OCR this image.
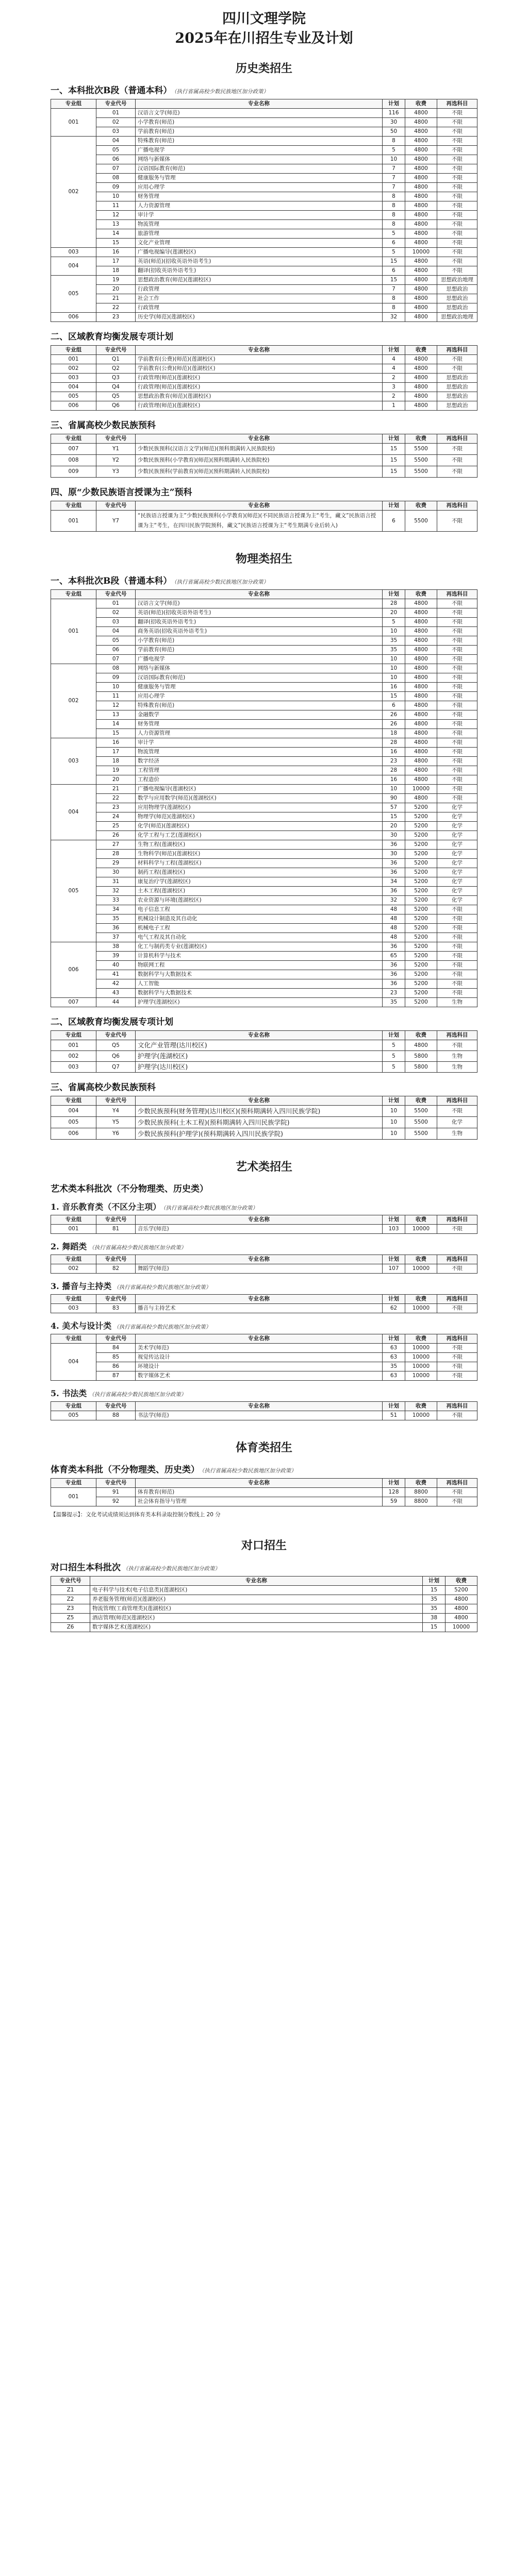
四川文理学院
2025年在川招生专业及计划
历史类招生
一、本科批次B段（普通本科） （执行省属高校少数民族地区加分政策）
专业组	专业代号	专业名称	计划	收费	再选科目
001	01	汉语言文学(师范)	116	4800	不限
	02	小学教育(师范)	30	4800	不限
	03	学前教育(师范)	50	4800	不限
002	04	特殊教育(师范)	8	4800	不限
	05	广播电视学	5	4800	不限
	06	网络与新媒体	10	4800	不限
	07	汉语国际教育(师范)	7	4800	不限
	08	健康服务与管理	7	4800	不限
	09	应用心理学	7	4800	不限
	10	财务管理	8	4800	不限
	11	人力资源管理	8	4800	不限
	12	审计学	8	4800	不限
	13	物流管理	8	4800	不限
	14	旅游管理	5	4800	不限
	15	文化产业管理	6	4800	不限
003	16	广播电视编导(莲湖校区)	5	10000	不限
004	17	英语(师范)(招收英语外语考生)	15	4800	不限
	18	翻译(招收英语外语考生)	6	4800	不限
005	19	思想政治教育(师范)(莲湖校区)	15	4800	思想政治地理
	20	行政管理	7	4800	思想政治
	21	社会工作	8	4800	思想政治
	22	行政管理	8	4800	思想政治
006	23	历史学(师范)(莲湖校区)	32	4800	思想政治地理
二、区域教育均衡发展专项计划
专业组	专业代号	专业名称	计划	收费	再选科目
001	Q1	学前教育(公费)(师范)(莲湖校区)	4	4800	不限
002	Q2	学前教育(公费)(师范)(莲湖校区)	4	4800	不限
003	Q3	行政管理(师范)(莲湖校区)	2	4800	思想政治
004	Q4	行政管理(师范)(莲湖校区)	3	4800	思想政治
005	Q5	思想政治教育(师范)(莲湖校区)	2	4800	思想政治
006	Q6	行政管理(师范)(莲湖校区)	1	4800	思想政治
三、省属高校少数民族预科
专业组	专业代号	专业名称	计划	收费	再选科目
007	Y1	少数民族预科(汉语言文学)(师范)(预科期满转入民族院校)	15	5500	不限
008	Y2	少数民族预科(小学教育)(师范)(预科期满转入民族院校)	15	5500	不限
009	Y3	少数民族预科(学前教育)(师范)(预科期满转入民族院校)	15	5500	不限
四、原“少数民族语言授课为主”预科
专业组	专业代号	专业名称	计划	收费	再选科目
001	Y7	“民族语言授课为主”少数民族预科(小学教育)(师范)(不同民族语言授课为主“考生，藏文”民族语言授课为主“考生，在四川民族学院预科，藏文”民族语言授课为主“考生期满专业后转入)	6	5500	不限
物理类招生
一、本科批次B段（普通本科） （执行省属高校少数民族地区加分政策）
专业组	专业代号	专业名称	计划	收费	再选科目
001	01	汉语言文学(师范)	28	4800	不限
	02	英语(师范)(招收英语外语考生)	20	4800	不限
	03	翻译(招收英语外语考生)	5	4800	不限
	04	商务英语(招收英语外语考生)	10	4800	不限
	05	小学教育(师范)	35	4800	不限
	06	学前教育(师范)	35	4800	不限
	07	广播电视学	10	4800	不限
002	08	网络与新媒体	10	4800	不限
	09	汉语国际教育(师范)	10	4800	不限
	10	健康服务与管理	16	4800	不限
	11	应用心理学	15	4800	不限
	12	特殊教育(师范)	6	4800	不限
	13	金融数学	26	4800	不限
	14	财务管理	26	4800	不限
	15	人力资源管理	18	4800	不限
003	16	审计学	28	4800	不限
	17	物流管理	16	4800	不限
	18	数字经济	23	4800	不限
	19	工程管理	28	4800	不限
	20	工程造价	16	4800	不限
004	21	广播电视编导(莲湖校区)	10	10000	不限
	22	数学与应用数学(师范)(莲湖校区)	90	4800	不限
	23	应用物理学(莲湖校区)	57	5200	化学
	24	物理学(师范)(莲湖校区)	15	5200	化学
	25	化学(师范)(莲湖校区)	20	5200	化学
	26	化学工程与工艺(莲湖校区)	30	5200	化学
005	27	生物工程(莲湖校区)	36	5200	化学
	28	生物科学(师范)(莲湖校区)	30	5200	化学
	29	材料科学与工程(莲湖校区)	36	5200	化学
	30	制药工程(莲湖校区)	36	5200	化学
	31	康复治疗学(莲湖校区)	34	5200	化学
	32	土木工程(莲湖校区)	36	5200	化学
	33	农业资源与环境(莲湖校区)	32	5200	化学
	34	电子信息工程	48	5200	不限
	35	机械设计制造及其自动化	48	5200	不限
	36	机械电子工程	48	5200	不限
	37	电气工程及其自动化	48	5200	不限
006	38	化工与制药类专业(莲湖校区)	36	5200	不限
	39	计算机科学与技术	65	5200	不限
	40	物联网工程	36	5200	不限
	41	数据科学与大数据技术	36	5200	不限
	42	人工智能	36	5200	不限
	43	数据科学与大数据技术	23	5200	不限
007	44	护理学(莲湖校区)	35	5200	生物
二、区域教育均衡发展专项计划
专业组	专业代号	专业名称	计划	收费	再选科目
001	Q5	文化产业管理(达川校区)	5	4800	不限
002	Q6	护理学(莲湖校区)	5	5800	生物
003	Q7	护理学(达川校区)	5	5800	生物
三、省属高校少数民族预科
专业组	专业代号	专业名称	计划	收费	再选科目
004	Y4	少数民族预科(财务管理)(达川校区)(预科期满转入四川民族学院)	10	5500	不限
005	Y5	少数民族预科(土木工程)(预科期满转入四川民族学院)	10	5500	化学
006	Y6	少数民族预科(护理学)(预科期满转入四川民族学院)	10	5500	生物
艺术类招生
艺术类本科批次（不分物理类、历史类）
1. 音乐教育类（不区分主项） （执行省属高校少数民族地区加分政策）
专业组	专业代号	专业名称	计划	收费	再选科目
001	81	音乐学(师范)	103	10000	不限
2. 舞蹈类 （执行省属高校少数民族地区加分政策）
专业组	专业代号	专业名称	计划	收费	再选科目
002	82	舞蹈学(师范)	107	10000	不限
3. 播音与主持类 （执行省属高校少数民族地区加分政策）
专业组	专业代号	专业名称	计划	收费	再选科目
003	83	播音与主持艺术	62	10000	不限
4. 美术与设计类 （执行省属高校少数民族地区加分政策）
专业组	专业代号	专业名称	计划	收费	再选科目
004	84	美术学(师范)	63	10000	不限
	85	视觉传达设计	63	10000	不限
	86	环境设计	35	10000	不限
	87	数字媒体艺术	63	10000	不限
5. 书法类 （执行省属高校少数民族地区加分政策）
专业组	专业代号	专业名称	计划	收费	再选科目
005	88	书法学(师范)	51	10000	不限
体育类招生
体育类本科批（不分物理类、历史类） （执行省属高校少数民族地区加分政策）
专业组	专业代号	专业名称	计划	收费	再选科目
001	91	体育教育(师范)	128	8800	不限
	92	社会体育指导与管理	59	8800	不限
【温馨提示】：文化考试成绩须达到体育类本科录取控制分数线上 20 分
对口招生
对口招生本科批次 （执行省属高校少数民族地区加分政策）
专业代号	专业名称	计划	收费
Z1	电子科学与技术(电子信息类)(莲湖校区)	15	5200
Z2	养老服务管理(师范)(莲湖校区)	35	4800
Z3	物流管理(工商管理类)(莲湖校区)	35	4800
Z5	酒店管理(师范)(莲湖校区)	38	4800
Z6	数字媒体艺术(莲湖校区)	15	10000
